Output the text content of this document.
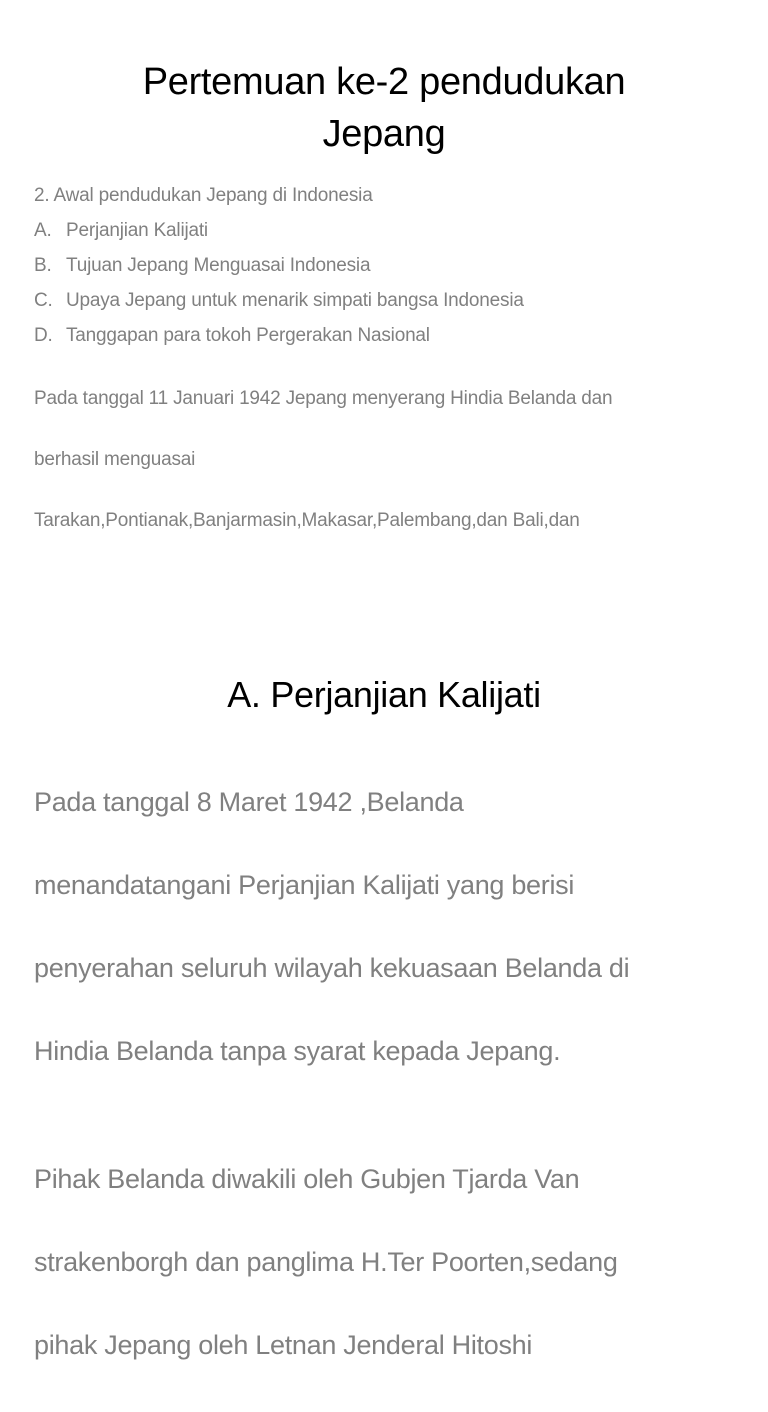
Pertemuan ke-2 pendudukan
Jepang
2. Awal pendudukan Jepang di Indonesia
A. Perjanjian Kalijati
B. Tujuan Jepang Menguasai Indonesia
C. Upaya Jepang untuk menarik simpati bangsa Indonesia
D. Tanggapan para tokoh Pergerakan Nasional

Pada tanggal 11 Januari 1942 Jepang menyerang Hindia Belanda dan

berhasil menguasai

Tarakan,Pontianak,Banjarmasin,Makasar,Palembang,dan Bali,dan

A. Perjanjian Kalijati

Pada tanggal 8 Maret 1942 ,Belanda

menandatangani Perjanjian Kalijati yang berisi

penyerahan seluruh wilayah kekuasaan Belanda di

Hindia Belanda tanpa syarat kepada Jepang.

Pihak Belanda diwakili oleh Gubjen Tjarda Van

strakenborgh dan panglima H.Ter Poorten,sedang

pihak Jepang oleh Letnan Jenderal Hitoshi
